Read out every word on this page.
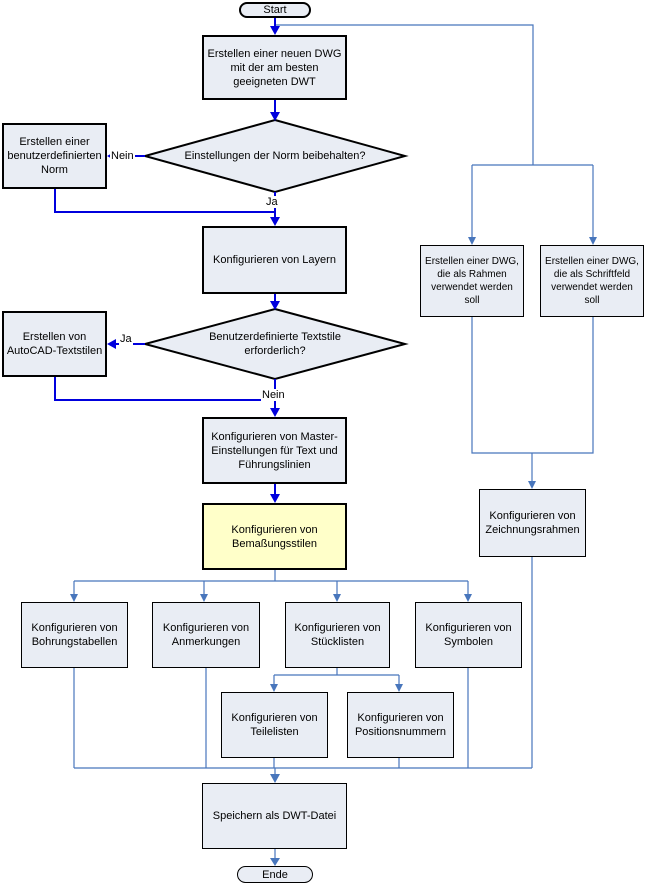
Start
Ende
Erstellen einer neuen DWG mit der am besten geeigneten DWT
Konfigurieren von Layern
Konfigurieren von Master-Einstellungen für Text und Führungslinien
Konfigurieren von Bemaßungsstilen
Speichern als DWT-Datei
Erstellen einer benutzerdefinierten Norm
Erstellen von AutoCAD-Textstilen
Einstellungen der Norm beibehalten?
Benutzerdefinierte Textstile erforderlich?
Nein
Ja
Ja
Nein
Erstellen einer DWG, die als Rahmen verwendet werden soll
Erstellen einer DWG, die als Schriftfeld verwendet werden soll
Konfigurieren von Zeichnungsrahmen
Konfigurieren von Bohrungstabellen
Konfigurieren von Anmerkungen
Konfigurieren von Stücklisten
Konfigurieren von Symbolen
Konfigurieren von Teilelisten
Konfigurieren von Positionsnummern
